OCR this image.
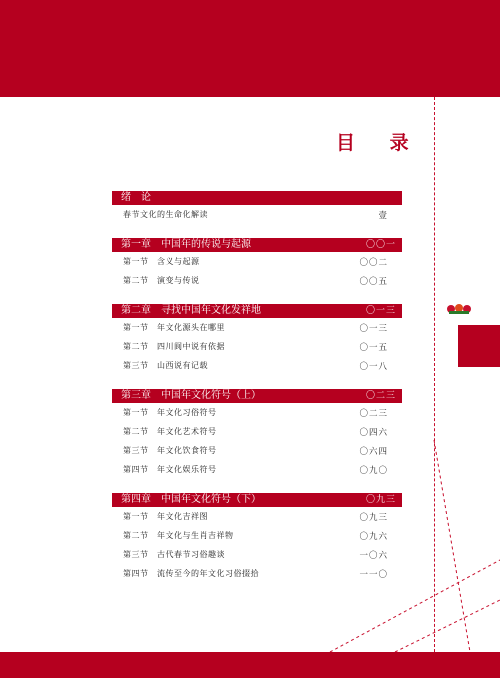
目 录
绪　论
春节文化的生命化解读	壹
第一章　中国年的传说与起源	〇〇一
第一节　含义与起源	〇〇二
第二节　演变与传说	〇〇五
第二章　寻找中国年文化发祥地	〇一三
第一节　年文化源头在哪里	〇一三
第二节　四川阆中说有依据	〇一五
第三节　山西说有记载	〇一八
第三章　中国年文化符号（上）	〇二三
第一节　年文化习俗符号	〇二三
第二节　年文化艺术符号	〇四六
第三节　年文化饮食符号	〇六四
第四节　年文化娱乐符号	〇九〇
第四章　中国年文化符号（下）	〇九三
第一节　年文化吉祥图	〇九三
第二节　年文化与生肖吉祥物	〇九六
第三节　古代春节习俗趣谈	一〇六
第四节　流传至今的年文化习俗掇拾	一一〇
